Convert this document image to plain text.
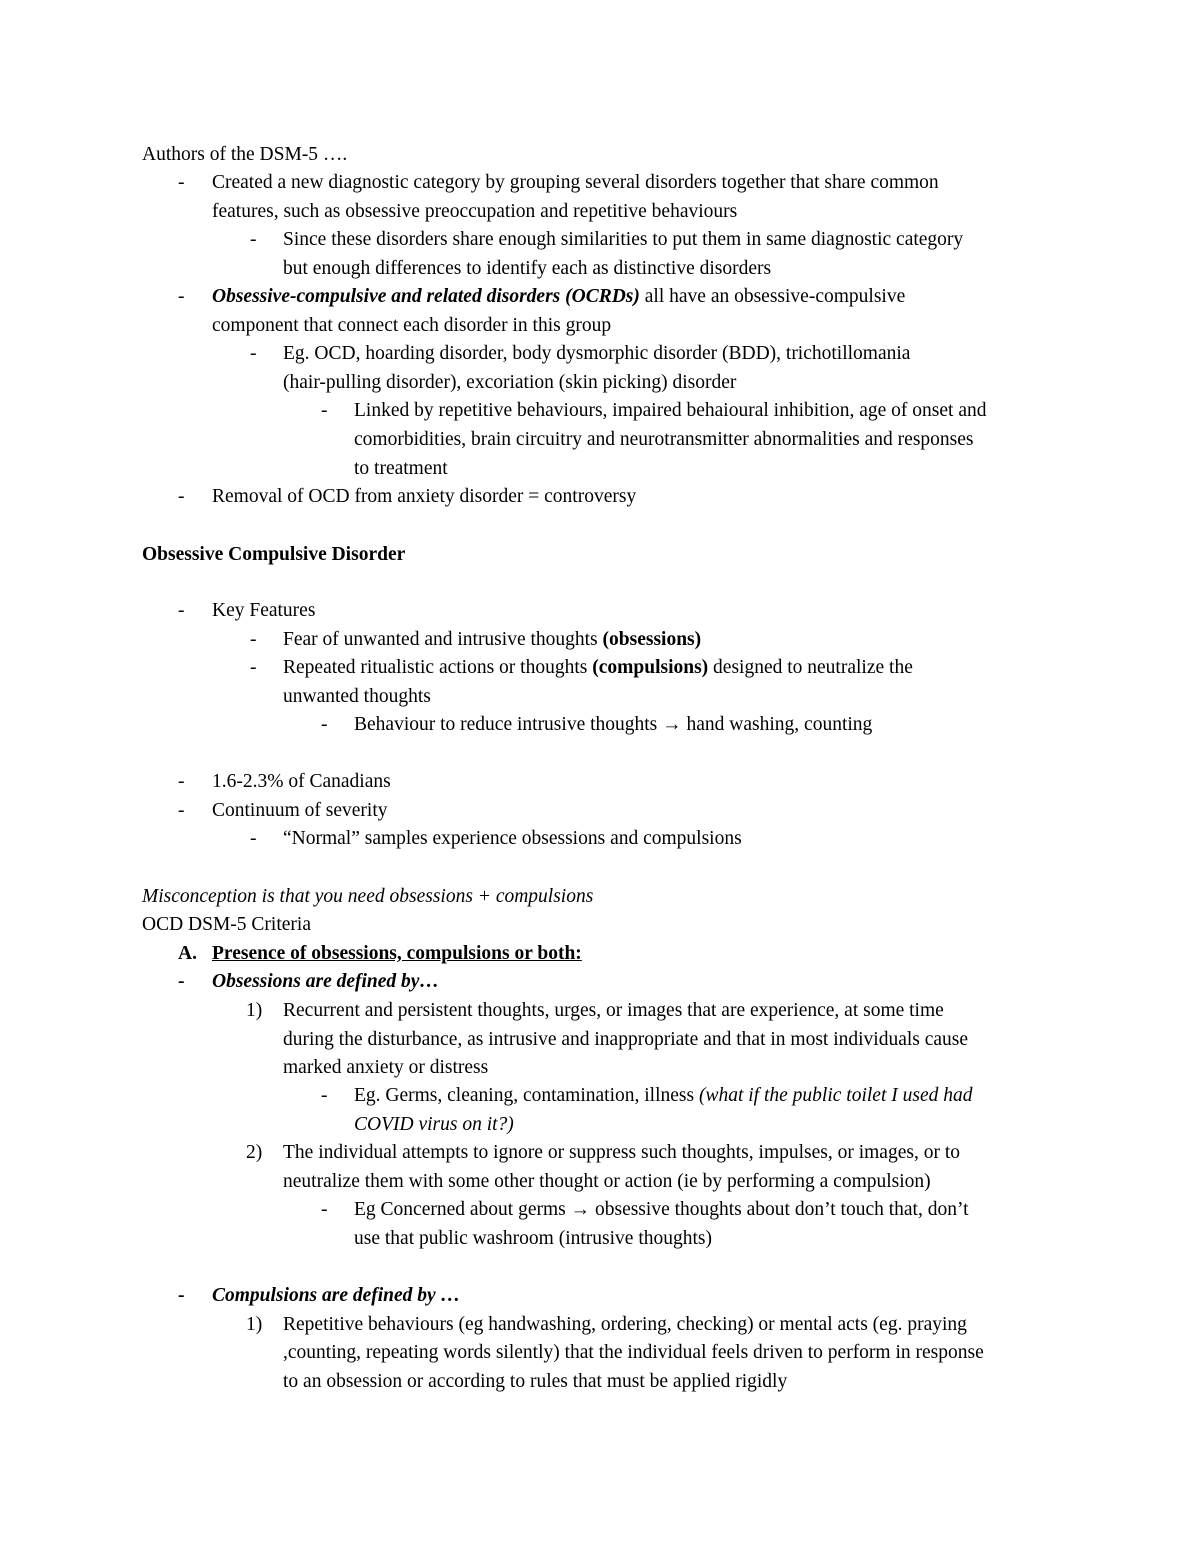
Authors of the DSM-5 ….
- Created a new diagnostic category by grouping several disorders together that share common
features, such as obsessive preoccupation and repetitive behaviours
- Since these disorders share enough similarities to put them in same diagnostic category
but enough differences to identify each as distinctive disorders
- Obsessive-compulsive and related disorders (OCRDs) all have an obsessive-compulsive
component that connect each disorder in this group
- Eg. OCD, hoarding disorder, body dysmorphic disorder (BDD), trichotillomania
(hair-pulling disorder), excoriation (skin picking) disorder
- Linked by repetitive behaviours, impaired behaioural inhibition, age of onset and
comorbidities, brain circuitry and neurotransmitter abnormalities and responses
to treatment
- Removal of OCD from anxiety disorder = controversy
Obsessive Compulsive Disorder
- Key Features
- Fear of unwanted and intrusive thoughts (obsessions)
- Repeated ritualistic actions or thoughts (compulsions) designed to neutralize the
unwanted thoughts
- Behaviour to reduce intrusive thoughts → hand washing, counting
- 1.6-2.3% of Canadians
- Continuum of severity
- “Normal” samples experience obsessions and compulsions
Misconception is that you need obsessions + compulsions
OCD DSM-5 Criteria
A. Presence of obsessions, compulsions or both:
- Obsessions are defined by…
1) Recurrent and persistent thoughts, urges, or images that are experience, at some time
during the disturbance, as intrusive and inappropriate and that in most individuals cause
marked anxiety or distress
- Eg. Germs, cleaning, contamination, illness (what if the public toilet I used had
COVID virus on it?)
2) The individual attempts to ignore or suppress such thoughts, impulses, or images, or to
neutralize them with some other thought or action (ie by performing a compulsion)
- Eg Concerned about germs → obsessive thoughts about don’t touch that, don’t
use that public washroom (intrusive thoughts)
- Compulsions are defined by …
1) Repetitive behaviours (eg handwashing, ordering, checking) or mental acts (eg. praying
,counting, repeating words silently) that the individual feels driven to perform in response
to an obsession or according to rules that must be applied rigidly
